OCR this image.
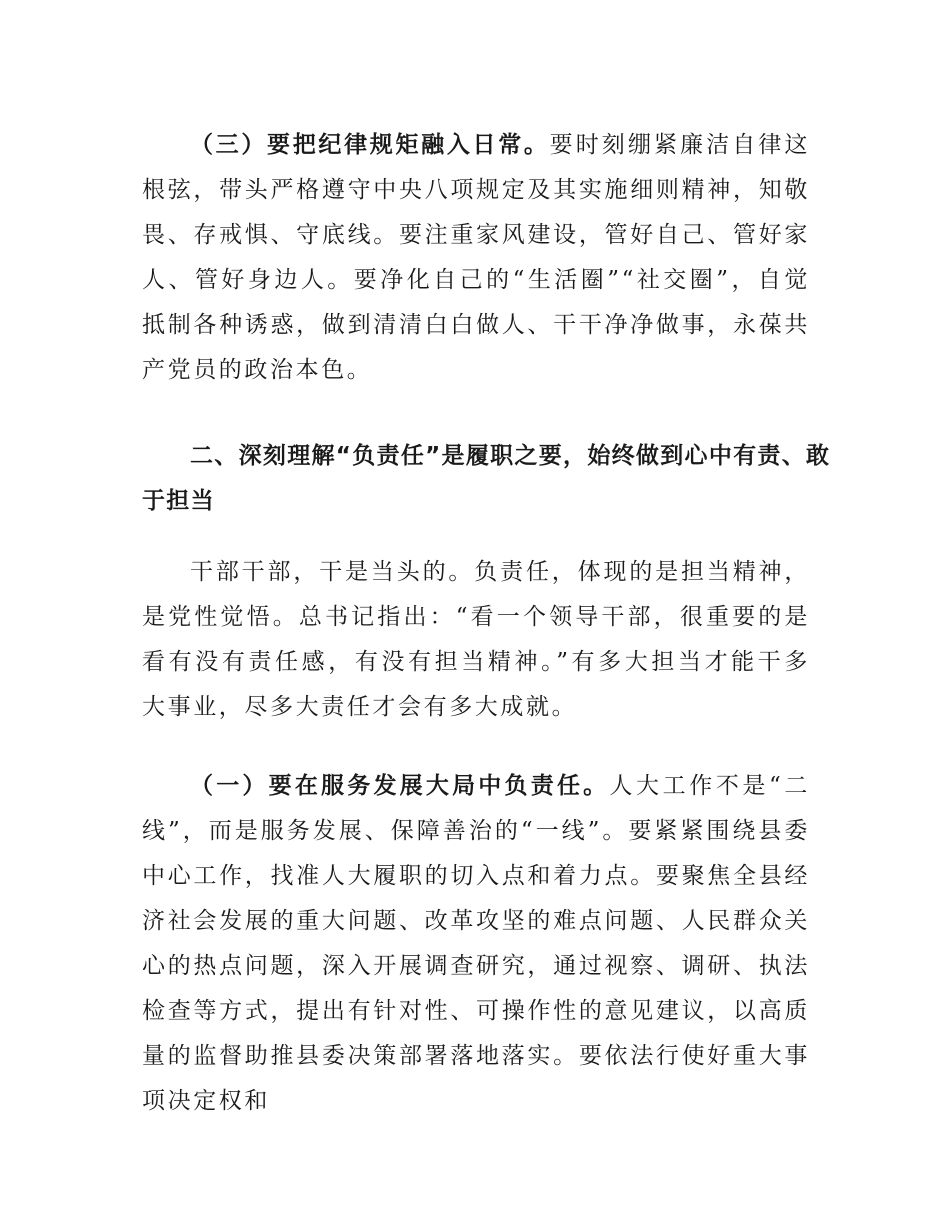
（三）要把纪律规矩融入日常。要时刻绷紧廉洁自律这根弦，带头严格遵守中央八项规定及其实施细则精神，知敬畏、存戒惧、守底线。要注重家风建设，管好自己、管好家人、管好身边人。要净化自己的“生活圈”“社交圈”，自觉抵制各种诱惑，做到清清白白做人、干干净净做事，永葆共产党员的政治本色。

二、深刻理解“负责任”是履职之要，始终做到心中有责、敢于担当

干部干部，干是当头的。负责任，体现的是担当精神，是党性觉悟。总书记指出：“看一个领导干部，很重要的是看有没有责任感，有没有担当精神。”有多大担当才能干多大事业，尽多大责任才会有多大成就。

（一）要在服务发展大局中负责任。人大工作不是“二线”，而是服务发展、保障善治的“一线”。要紧紧围绕县委中心工作，找准人大履职的切入点和着力点。要聚焦全县经济社会发展的重大问题、改革攻坚的难点问题、人民群众关心的热点问题，深入开展调查研究，通过视察、调研、执法检查等方式，提出有针对性、可操作性的意见建议，以高质量的监督助推县委决策部署落地落实。要依法行使好重大事项决定权和
